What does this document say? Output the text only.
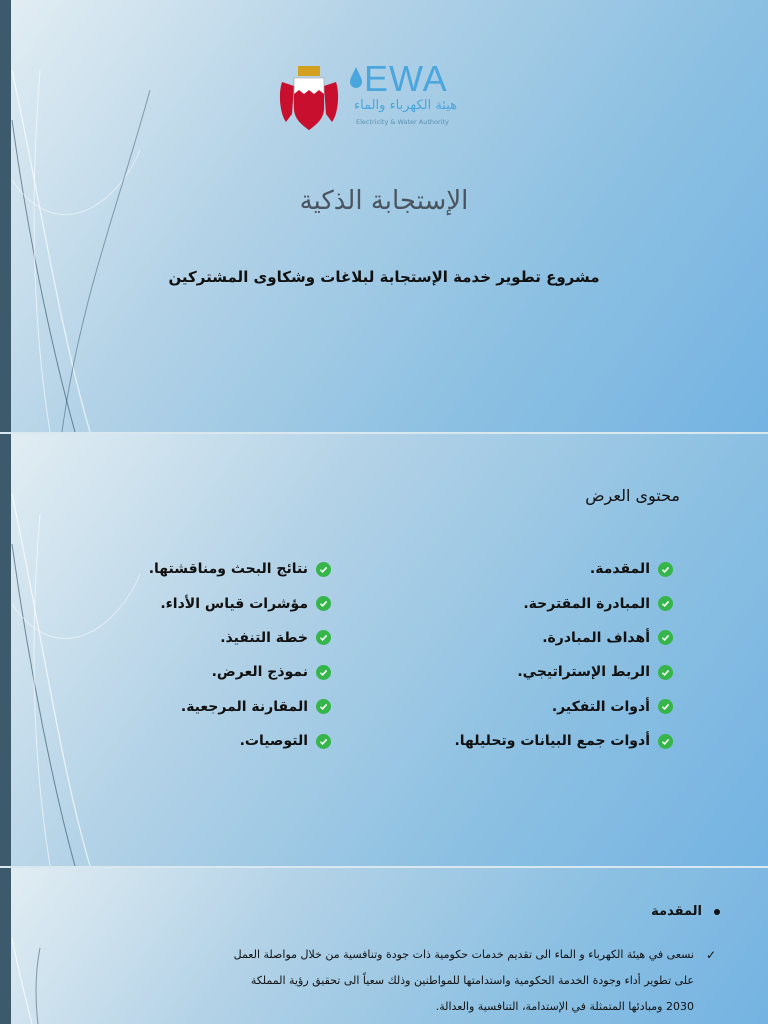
EWA
هيئة الكهرباء والماء
Electricity & Water Authority
الإستجابة الذكية
مشروع تطوير خدمة الإستجابة لبلاغات وشكاوى المشتركين
محتوى العرض
المقدمة.
المبادرة المقترحة.
أهداف المبادرة.
الربط الإستراتيجي.
أدوات التفكير.
أدوات جمع البيانات وتحليلها.
نتائج البحث ومناقشتها.
مؤشرات قياس الأداء.
خطة التنفيذ.
نموذج العرض.
المقارنة المرجعية.
التوصيات.
المقدمة
✓
نسعى في هيئة الكهرباء و الماء الى تقديم خدمات حكومية ذات جودة وتنافسية من خلال مواصلة العمل على تطوير أداء وجودة الخدمة الحكومية واستدامتها للمواطنين وذلك سعياً الى تحقيق رؤية المملكة 2030 ومبادئها المتمثلة في الإستدامة، التنافسية والعدالة.
